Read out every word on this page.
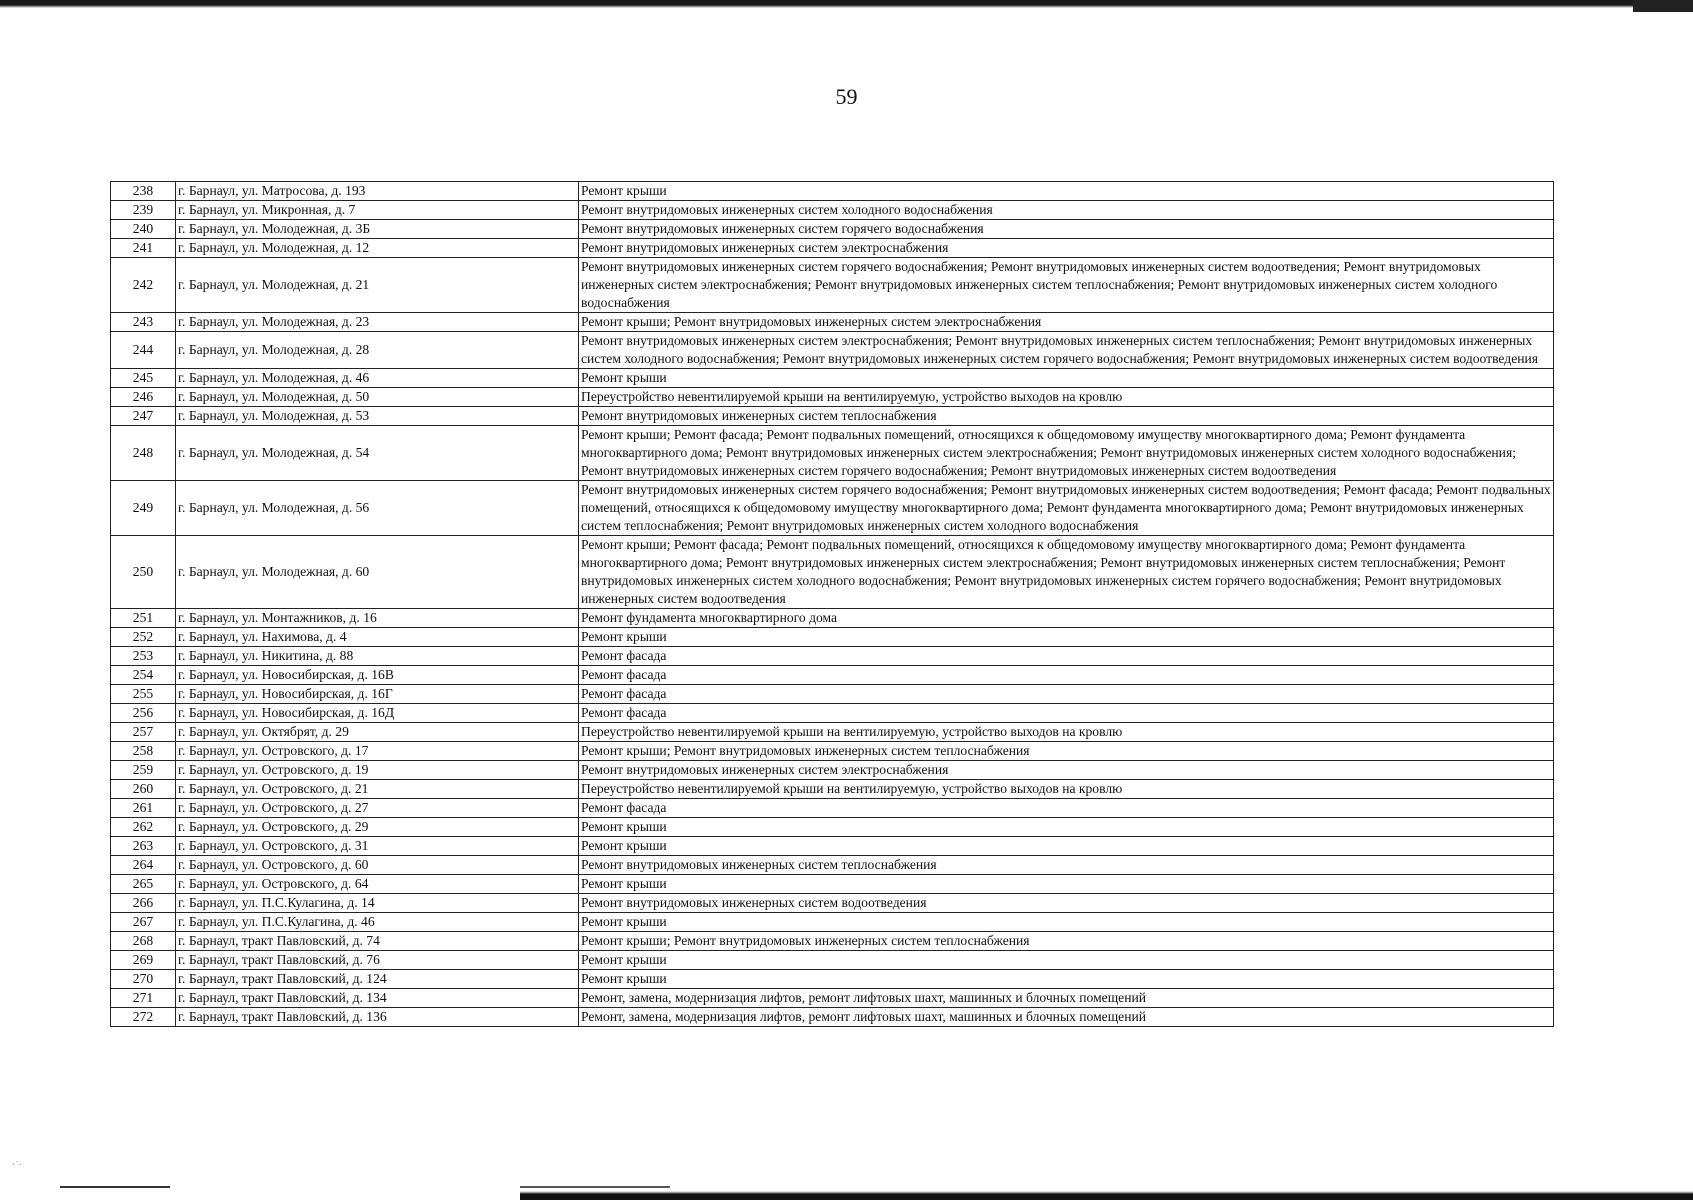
59
238	г. Барнаул, ул. Матросова, д. 193	Ремонт крыши
239	г. Барнаул, ул. Микронная, д. 7	Ремонт внутридомовых инженерных систем холодного водоснабжения
240	г. Барнаул, ул. Молодежная, д. 3Б	Ремонт внутридомовых инженерных систем горячего водоснабжения
241	г. Барнаул, ул. Молодежная, д. 12	Ремонт внутридомовых инженерных систем электроснабжения
242	г. Барнаул, ул. Молодежная, д. 21	Ремонт внутридомовых инженерных систем горячего водоснабжения; Ремонт внутридомовых инженерных систем водоотведения; Ремонт внутридомовых инженерных систем электроснабжения; Ремонт внутридомовых инженерных систем теплоснабжения; Ремонт внутридомовых инженерных систем холодного водоснабжения
243	г. Барнаул, ул. Молодежная, д. 23	Ремонт крыши; Ремонт внутридомовых инженерных систем электроснабжения
244	г. Барнаул, ул. Молодежная, д. 28	Ремонт внутридомовых инженерных систем электроснабжения; Ремонт внутридомовых инженерных систем теплоснабжения; Ремонт внутридомовых инженерных систем холодного водоснабжения; Ремонт внутридомовых инженерных систем горячего водоснабжения; Ремонт внутридомовых инженерных систем водоотведения
245	г. Барнаул, ул. Молодежная, д. 46	Ремонт крыши
246	г. Барнаул, ул. Молодежная, д. 50	Переустройство невентилируемой крыши на вентилируемую, устройство выходов на кровлю
247	г. Барнаул, ул. Молодежная, д. 53	Ремонт внутридомовых инженерных систем теплоснабжения
248	г. Барнаул, ул. Молодежная, д. 54	Ремонт крыши; Ремонт фасада; Ремонт подвальных помещений, относящихся к общедомовому имуществу многоквартирного дома; Ремонт фундамента многоквартирного дома; Ремонт внутридомовых инженерных систем электроснабжения; Ремонт внутридомовых инженерных систем холодного водоснабжения; Ремонт внутридомовых инженерных систем горячего водоснабжения; Ремонт внутридомовых инженерных систем водоотведения
249	г. Барнаул, ул. Молодежная, д. 56	Ремонт внутридомовых инженерных систем горячего водоснабжения; Ремонт внутридомовых инженерных систем водоотведения; Ремонт фасада; Ремонт подвальных помещений, относящихся к общедомовому имуществу многоквартирного дома; Ремонт фундамента многоквартирного дома; Ремонт внутридомовых инженерных систем теплоснабжения; Ремонт внутридомовых инженерных систем холодного водоснабжения
250	г. Барнаул, ул. Молодежная, д. 60	Ремонт крыши; Ремонт фасада; Ремонт подвальных помещений, относящихся к общедомовому имуществу многоквартирного дома; Ремонт фундамента многоквартирного дома; Ремонт внутридомовых инженерных систем электроснабжения; Ремонт внутридомовых инженерных систем теплоснабжения; Ремонт внутридомовых инженерных систем холодного водоснабжения; Ремонт внутридомовых инженерных систем горячего водоснабжения; Ремонт внутридомовых инженерных систем водоотведения
251	г. Барнаул, ул. Монтажников, д. 16	Ремонт фундамента многоквартирного дома
252	г. Барнаул, ул. Нахимова, д. 4	Ремонт крыши
253	г. Барнаул, ул. Никитина, д. 88	Ремонт фасада
254	г. Барнаул, ул. Новосибирская, д. 16В	Ремонт фасада
255	г. Барнаул, ул. Новосибирская, д. 16Г	Ремонт фасада
256	г. Барнаул, ул. Новосибирская, д. 16Д	Ремонт фасада
257	г. Барнаул, ул. Октябрят, д. 29	Переустройство невентилируемой крыши на вентилируемую, устройство выходов на кровлю
258	г. Барнаул, ул. Островского, д. 17	Ремонт крыши; Ремонт внутридомовых инженерных систем теплоснабжения
259	г. Барнаул, ул. Островского, д. 19	Ремонт внутридомовых инженерных систем электроснабжения
260	г. Барнаул, ул. Островского, д. 21	Переустройство невентилируемой крыши на вентилируемую, устройство выходов на кровлю
261	г. Барнаул, ул. Островского, д. 27	Ремонт фасада
262	г. Барнаул, ул. Островского, д. 29	Ремонт крыши
263	г. Барнаул, ул. Островского, д. 31	Ремонт крыши
264	г. Барнаул, ул. Островского, д. 60	Ремонт внутридомовых инженерных систем теплоснабжения
265	г. Барнаул, ул. Островского, д. 64	Ремонт крыши
266	г. Барнаул, ул. П.С.Кулагина, д. 14	Ремонт внутридомовых инженерных систем водоотведения
267	г. Барнаул, ул. П.С.Кулагина, д. 46	Ремонт крыши
268	г. Барнаул, тракт Павловский, д. 74	Ремонт крыши; Ремонт внутридомовых инженерных систем теплоснабжения
269	г. Барнаул, тракт Павловский, д. 76	Ремонт крыши
270	г. Барнаул, тракт Павловский, д. 124	Ремонт крыши
271	г. Барнаул, тракт Павловский, д. 134	Ремонт, замена, модернизация лифтов, ремонт лифтовых шахт, машинных и блочных помещений
272	г. Барнаул, тракт Павловский, д. 136	Ремонт, замена, модернизация лифтов, ремонт лифтовых шахт, машинных и блочных помещений
·˙·
